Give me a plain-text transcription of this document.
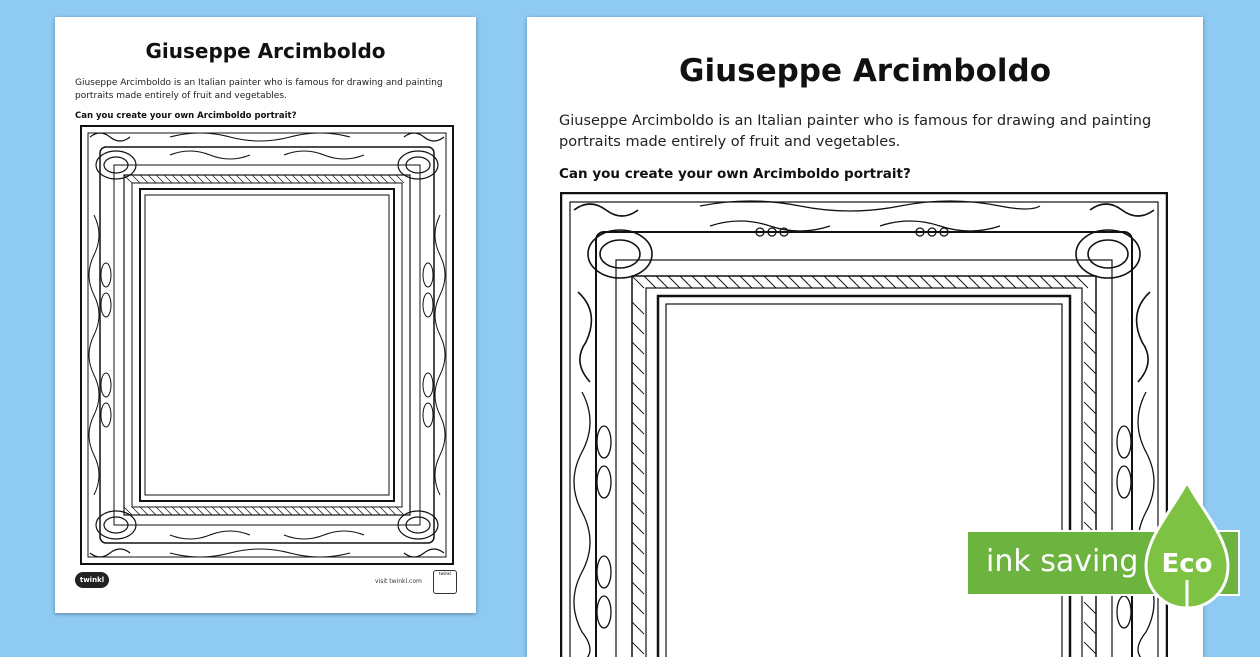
Giuseppe Arcimboldo
Giuseppe Arcimboldo is an Italian painter who is famous for drawing and painting portraits made entirely of fruit and vegetables.
Can you create your own Arcimboldo portrait?
twinkl	visit twinkl.com
twinkl
Giuseppe Arcimboldo
Giuseppe Arcimboldo is an Italian painter who is famous for drawing and painting portraits made entirely of fruit and vegetables.
Can you create your own Arcimboldo portrait?
ink saving Eco
